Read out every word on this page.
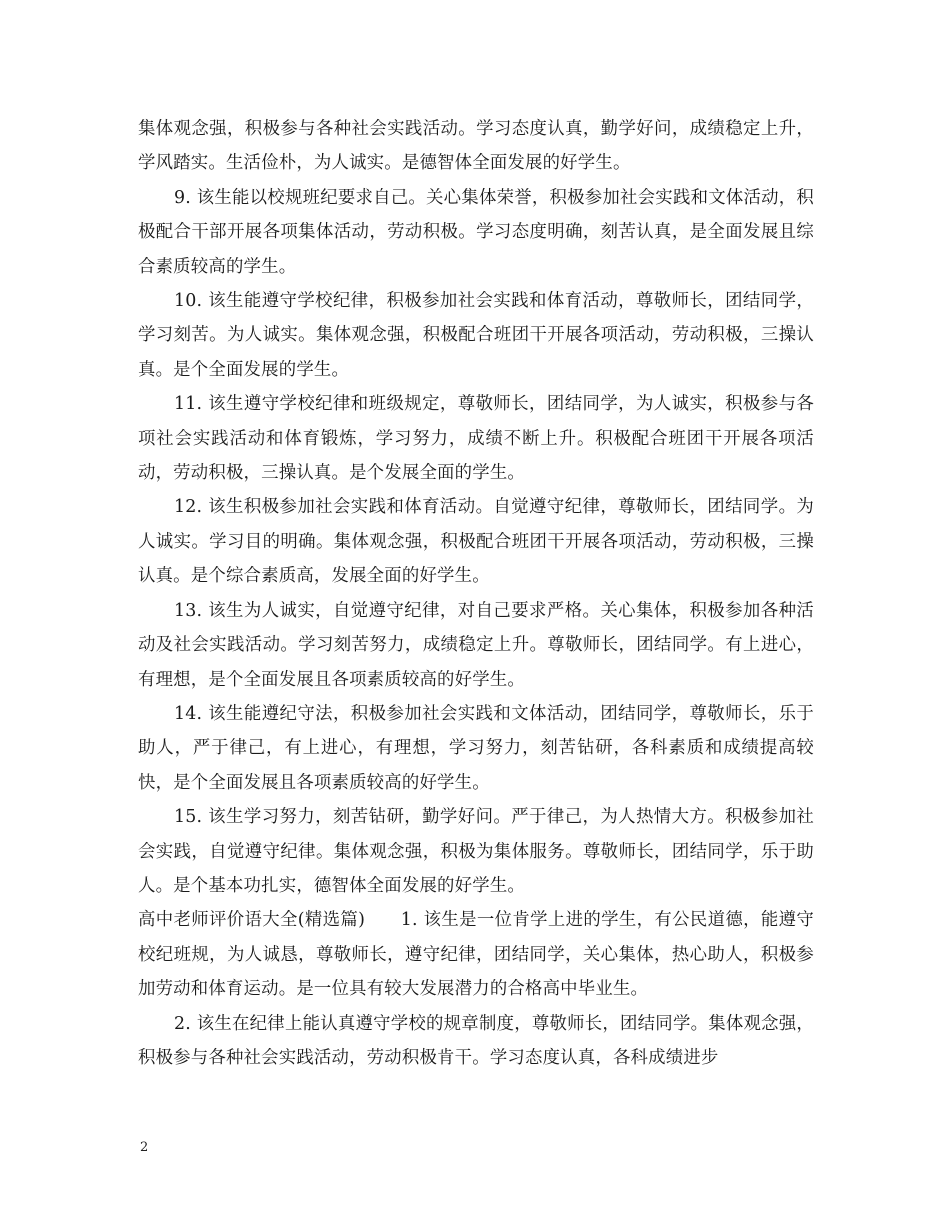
集体观念强，积极参与各种社会实践活动。学习态度认真，勤学好问，成绩稳定上升，学风踏实。生活俭朴，为人诚实。是德智体全面发展的好学生。

9. 该生能以校规班纪要求自己。关心集体荣誉，积极参加社会实践和文体活动，积极配合干部开展各项集体活动，劳动积极。学习态度明确，刻苦认真，是全面发展且综合素质较高的学生。

10. 该生能遵守学校纪律，积极参加社会实践和体育活动，尊敬师长，团结同学，学习刻苦。为人诚实。集体观念强，积极配合班团干开展各项活动，劳动积极，三操认真。是个全面发展的学生。

11. 该生遵守学校纪律和班级规定，尊敬师长，团结同学，为人诚实，积极参与各项社会实践活动和体育锻炼，学习努力，成绩不断上升。积极配合班团干开展各项活动，劳动积极，三操认真。是个发展全面的学生。

12. 该生积极参加社会实践和体育活动。自觉遵守纪律，尊敬师长，团结同学。为人诚实。学习目的明确。集体观念强，积极配合班团干开展各项活动，劳动积极，三操认真。是个综合素质高，发展全面的好学生。

13. 该生为人诚实，自觉遵守纪律，对自己要求严格。关心集体，积极参加各种活动及社会实践活动。学习刻苦努力，成绩稳定上升。尊敬师长，团结同学。有上进心，有理想，是个全面发展且各项素质较高的好学生。

14. 该生能遵纪守法，积极参加社会实践和文体活动，团结同学，尊敬师长，乐于助人，严于律己，有上进心，有理想，学习努力，刻苦钻研，各科素质和成绩提高较快，是个全面发展且各项素质较高的好学生。

15. 该生学习努力，刻苦钻研，勤学好问。严于律己，为人热情大方。积极参加社会实践，自觉遵守纪律。集体观念强，积极为集体服务。尊敬师长，团结同学，乐于助人。是个基本功扎实，德智体全面发展的好学生。

高中老师评价语大全(精选篇)　　1. 该生是一位肯学上进的学生，有公民道德，能遵守校纪班规，为人诚恳，尊敬师长，遵守纪律，团结同学，关心集体，热心助人，积极参加劳动和体育运动。是一位具有较大发展潜力的合格高中毕业生。

2. 该生在纪律上能认真遵守学校的规章制度，尊敬师长，团结同学。集体观念强，积极参与各种社会实践活动，劳动积极肯干。学习态度认真，各科成绩进步

2
